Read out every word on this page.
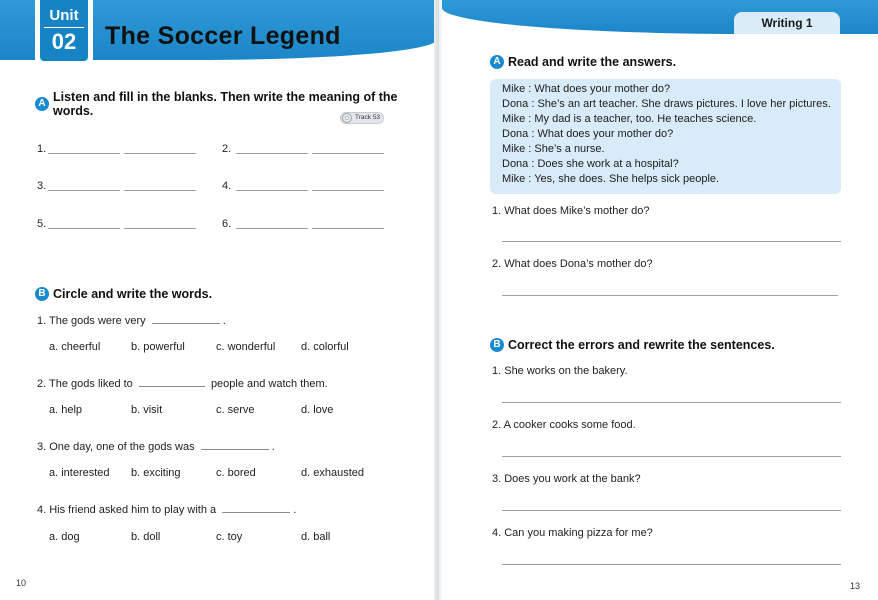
Unit
02	The Soccer Legend
A Listen and fill in the blanks. Then write the meaning of the words.	Track 53
1.	2.
3.	4.
5.	6.
B Circle and write the words.
1. The gods were very	.
a. cheerful	b. powerful	c. wonderful d. colorful
2. The gods liked to	people and watch them.
a. help	b. visit	c. serve	d. love
3. One day, one of the gods was	.
a. interested b. exciting	c. bored	d. exhausted
4. His friend asked him to play with a	.
a. dog	b. doll	c. toy	d. ball
10
Writing 1
A Read and write the answers.
Mike : What does your mother do?
Dona : She’s an art teacher. She draws pictures. I love her pictures.
Mike : My dad is a teacher, too. He teaches science.
Dona : What does your mother do?
Mike : She’s a nurse.
Dona : Does she work at a hospital?
Mike : Yes, she does. She helps sick people.
1. What does Mike’s mother do?
2. What does Dona’s mother do?
B Correct the errors and rewrite the sentences.
1. She works on the bakery.
2. A cooker cooks some food.
3. Does you work at the bank?
4. Can you making pizza for me?
13
